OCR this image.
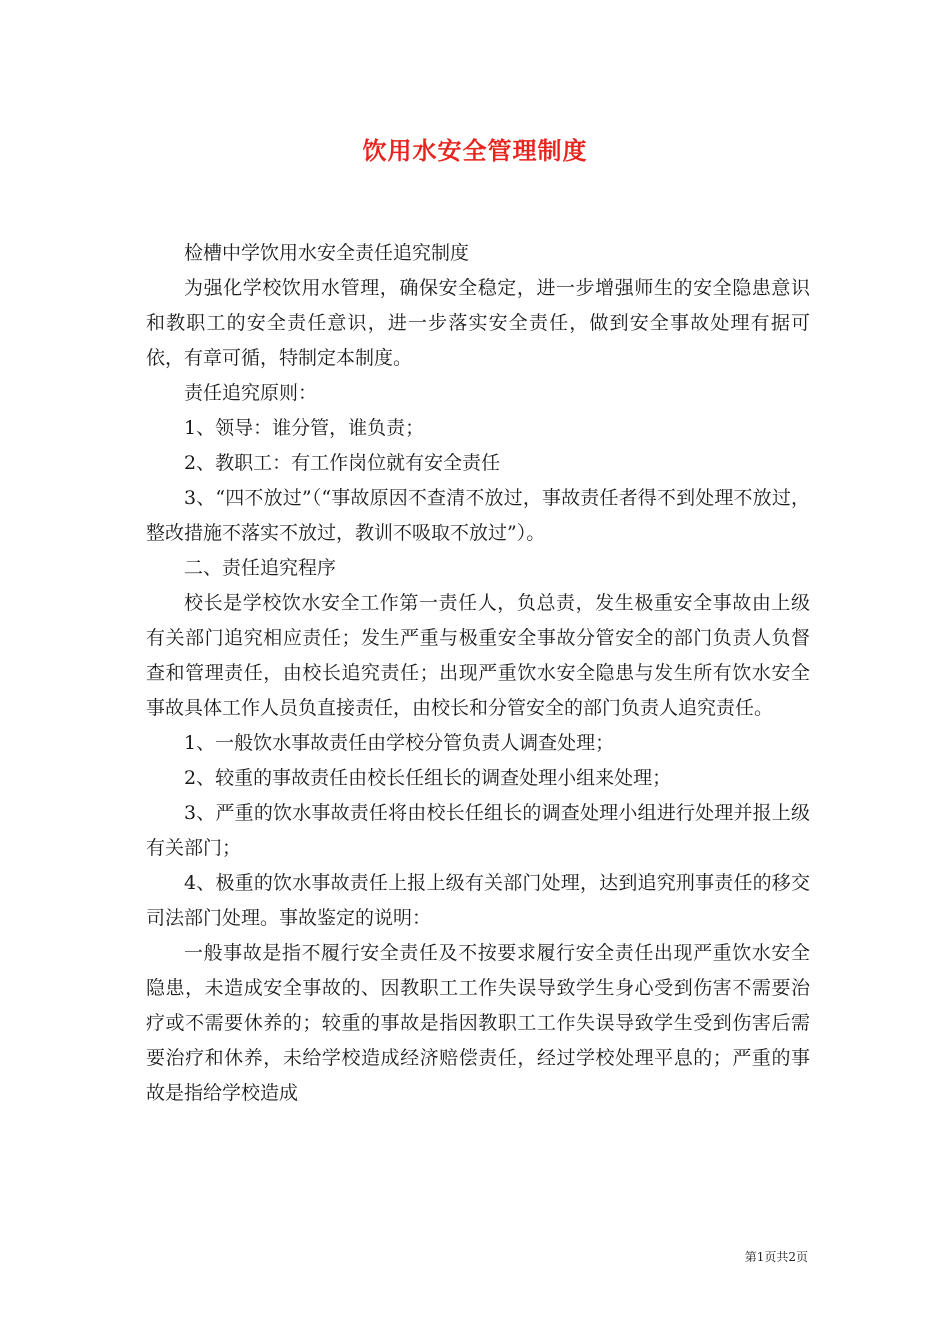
饮用水安全管理制度

检槽中学饮用水安全责任追究制度

为强化学校饮用水管理，确保安全稳定，进一步增强师生的安全隐患意识和教职工的安全责任意识，进一步落实安全责任，做到安全事故处理有据可依，有章可循，特制定本制度。

责任追究原则：

1、领导：谁分管，谁负责；

2、教职工：有工作岗位就有安全责任

3、“四不放过”（“事故原因不查清不放过，事故责任者得不到处理不放过，整改措施不落实不放过，教训不吸取不放过”）。

二、责任追究程序

校长是学校饮水安全工作第一责任人，负总责，发生极重安全事故由上级有关部门追究相应责任；发生严重与极重安全事故分管安全的部门负责人负督查和管理责任，由校长追究责任；出现严重饮水安全隐患与发生所有饮水安全事故具体工作人员负直接责任，由校长和分管安全的部门负责人追究责任。

1、一般饮水事故责任由学校分管负责人调查处理；

2、较重的事故责任由校长任组长的调查处理小组来处理；

3、严重的饮水事故责任将由校长任组长的调查处理小组进行处理并报上级有关部门；

4、极重的饮水事故责任上报上级有关部门处理，达到追究刑事责任的移交司法部门处理。事故鉴定的说明：

一般事故是指不履行安全责任及不按要求履行安全责任出现严重饮水安全隐患，未造成安全事故的、因教职工工作失误导致学生身心受到伤害不需要治疗或不需要休养的；较重的事故是指因教职工工作失误导致学生受到伤害后需要治疗和休养，未给学校造成经济赔偿责任，经过学校处理平息的；严重的事故是指给学校造成

第1页共2页
